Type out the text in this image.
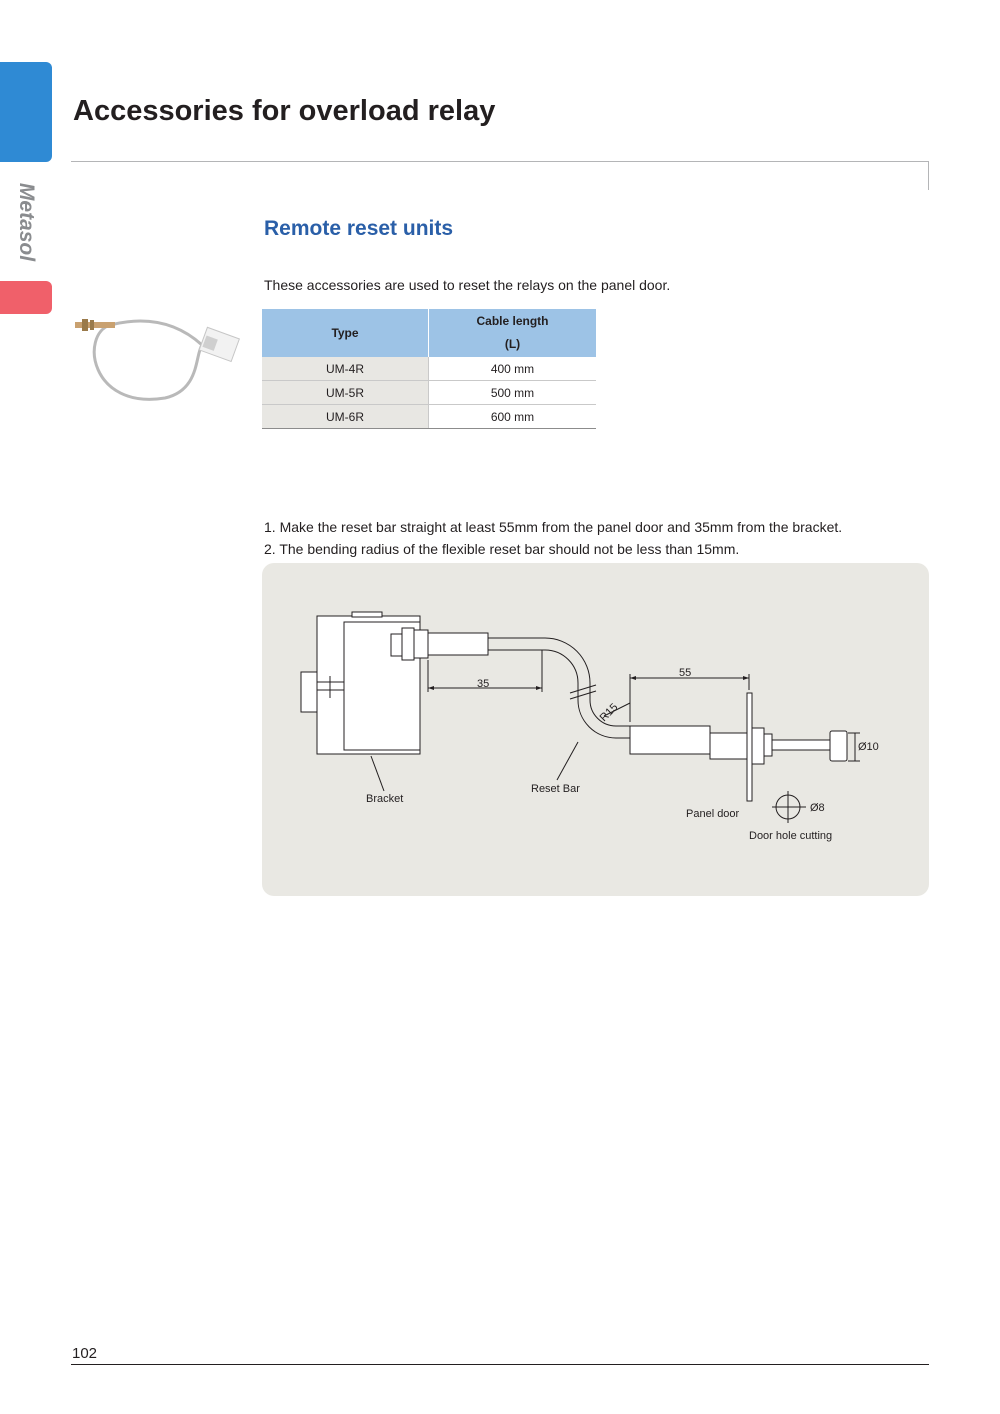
Metasol
Accessories for overload relay
Remote reset units
These accessories are used to reset the relays on the panel door.
Type	Cable length
(L)

UM-4R	400 mm
UM-5R	500 mm
UM-6R	600 mm

1. Make the reset bar straight at least 55mm from the panel door and 35mm from the bracket.

2. The bending radius of the flexible reset bar should not be less than 15mm.

35
55
R15
Ø10
Ø8
Bracket
Reset Bar
Panel door
Door hole cutting
102
